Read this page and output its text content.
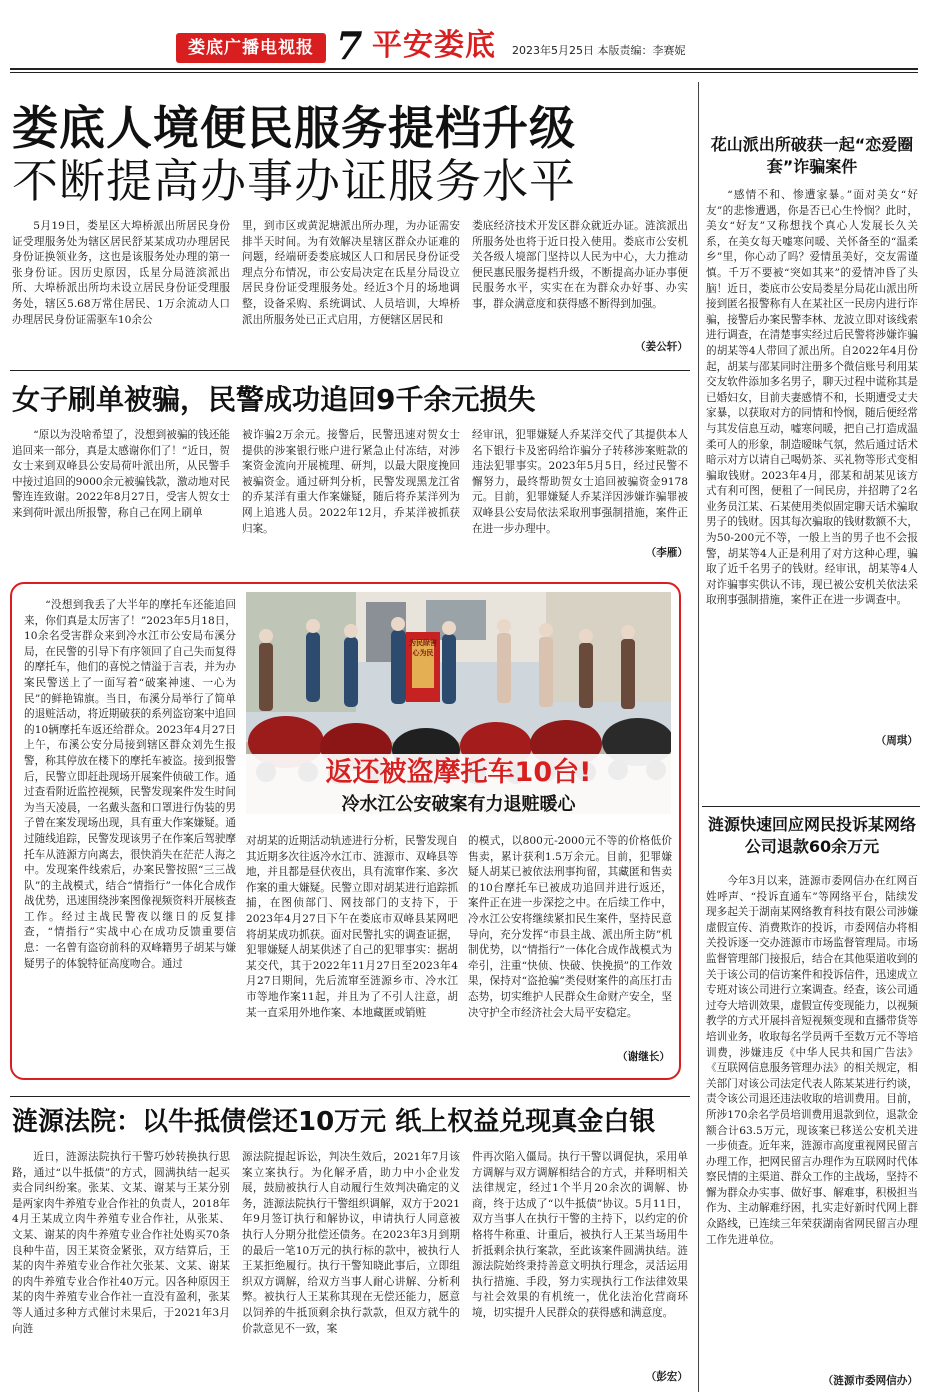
娄底广播电视报 7 平安娄底 2023年5月25日 本版责编：李赛妮
娄底人境便民服务提档升级
不断提高办事办证服务水平

5月19日，娄星区大埠桥派出所居民身份证受理服务处为辖区居民舒某某成功办理居民身份证换领业务，这也是该服务处办理的第一张身份证。因历史原因，氐星分局涟滨派出所、大埠桥派出所均未设立居民身份证受理服务处，辖区5.68万常住居民、1万余流动人口办理居民身份证需驱车10余公

里，到市区或黄泥塘派出所办理，为办证需安排半天时间。为有效解决星辖区群众办证难的问题，经端研委娄底城区人口和居民身份证受理点分布情况，市公安局决定在氐星分局设立居民身份证受理服务处。经近3个月的场地调整，设备采购、系统调试、人员培训，大埠桥派出所服务处已正式启用，方便辖区居民和

娄底经济技术开发区群众就近办证。涟滨派出所服务处也将于近日投入使用。娄底市公安机关各级人境部门坚持以人民为中心，大力推动便民惠民服务提档升级，不断提高办证办事便民服务水平，实实在在为群众办好事、办实事，群众满意度和获得感不断得到加强。

（姜公轩）
女子刷单被骗，民警成功追回9千余元损失

“原以为没啥希望了，没想到被骗的钱还能追回来一部分，真是太感谢你们了！”近日，贺女士来到双峰县公安局荷叶派出所，从民警手中接过追回的9000余元被骗钱款，激动地对民警连连致谢。2022年8月27日，受害人贺女士来到荷叶派出所报警，称自己在网上刷单

被诈骗2万余元。接警后，民警迅速对贺女士提供的涉案银行账户进行紧急止付冻结，对涉案资金流向开展梳理、研判，以最大限度挽回被骗资金。通过研判分析，民警发现黑龙江省的乔某洋有重大作案嫌疑，随后将乔某洋列为网上追逃人员。2022年12月，乔某洋被抓获归案。

经审讯，犯罪嫌疑人乔某洋交代了其提供本人名下银行卡及密码给诈骗分子转移涉案赃款的违法犯罪事实。2023年5月5日，经过民警不懈努力，最终帮助贺女士追回被骗资金9178元。目前，犯罪嫌疑人乔某洋因涉嫌诈骗罪被双峰县公安局依法采取刑事强制措施，案件正在进一步办理中。

（李雁）
为民除害 心为民
返还被盗摩托车10台!
冷水江公安破案有力退赃暖心

“没想到我丢了大半年的摩托车还能追回来，你们真是太厉害了！”2023年5月18日，10余名受害群众来到冷水江市公安局布溪分局，在民警的引导下有序领回了自己失而复得的摩托车，他们的喜悦之情溢于言表，并为办案民警送上了一面写着“破案神速、一心为民”的鲜艳锦旗。当日，布溪分局举行了简单的退赃活动，将近期破获的系列盗窃案中追回的10辆摩托车返还给群众。2023年4月27日上午，布溪公安分局接到辖区群众刘先生报警，称其停放在楼下的摩托车被盗。接到报警后，民警立即赶赴现场开展案件侦破工作。通过查看附近监控视频，民警发现案件发生时间为当天凌晨，一名戴头盔和口罩进行伪装的男子曾在案发现场出现，具有重大作案嫌疑。通过随线追踪，民警发现该男子在作案后驾驶摩托车从涟源方向离去，很快消失在茫茫人海之中。发现案件线索后，办案民警按照“三三战队”的主战模式，结合“情指行”一体化合成作战优势，迅速围绕涉案图像视频资料开展核查工作。经过主战民警夜以继日的反复排查，“情指行”实战中心在成功反馈重要信息：一名曾有盗窃前科的双峰籍男子胡某与嫌疑男子的体貌特征高度吻合。通过

对胡某的近期活动轨迹进行分析，民警发现自其近期多次往返冷水江市、涟源市、双峰县等地，并且都是昼伏夜出，具有流窜作案、多次作案的重大嫌疑。民警立即对胡某进行追踪抓捕，在图侦部门、网技部门的支持下，于2023年4月27日下午在娄底市双峰县某网吧将胡某成功抓获。面对民警扎实的调查证据，犯罪嫌疑人胡某供述了自己的犯罪事实：据胡某交代，其于2022年11月27日至2023年4月27日期间，先后流窜至涟源乡市、冷水江市等地作案11起，并且为了不引人注意，胡某一直采用外地作案、本地藏匿或销赃

的模式，以800元-2000元不等的价格低价售卖，累计获利1.5万余元。目前，犯罪嫌疑人胡某已被依法刑事拘留，其藏匿和售卖的10台摩托车已被成功追回并进行返还，案件正在进一步深挖之中。在后续工作中，冷水江公安将继续紧扣民生案件，坚持民意导向，充分发挥“市县主战、派出所主防”机制优势，以“情指行”一体化合成作战模式为牵引，注重“快侦、快破、快挽损”的工作效果，保持对“盗抢骗”类侵财案件的高压打击态势，切实维护人民群众生命财产安全，坚决守护全市经济社会大局平安稳定。

（谢继长）
涟源法院：以牛抵债偿还10万元 纸上权益兑现真金白银

近日，涟源法院执行干警巧妙转换执行思路，通过“以牛抵债”的方式，圆满执结一起买卖合同纠纷案。张某、文某、谢某与王某分别是两家肉牛养殖专业合作社的负责人，2018年4月王某成立肉牛养殖专业合作社，从张某、文某、谢某的肉牛养殖专业合作社处购买70条良种牛苗，因王某资金紧张，双方结算后，王某的肉牛养殖专业合作社欠张某、文某、谢某的肉牛养殖专业合作社40万元。囚各种原因王某的肉牛养殖专业合作社一直没有盈利，张某等人通过多种方式催讨未果后，于2021年3月向涟

源法院提起诉讼，判决生效后，2021年7月该案立案执行。为化解矛盾，助力中小企业发展，鼓励被执行人自动履行生效判决确定的义务，涟源法院执行干警组织调解，双方于2021年9月签订执行和解协议，申请执行人同意被执行人分期分批偿还债务。在2023年3月到期的最后一笔10万元的执行标的款中，被执行人王某拒绝履行。执行干警知晓此事后，立即组织双方调解，给双方当事人耐心讲解、分析利弊。被执行人王某称其现在无偿还能力，愿意以饲养的牛抵顶剩余执行款款，但双方就牛的价款意见不一致，案

件再次陷入僵局。执行干警以调促执，采用单方调解与双方调解相结合的方式，并释明相关法律规定，经过1个半月20余次的调解、协商，终于达成了“以牛抵债”协议。5月11日，双方当事人在执行干警的主持下，以约定的价格将牛称重、计重后，被执行人王某当场用牛折抵剩余执行案款，至此该案件圆满执结。涟源法院始终秉持善意文明执行理念，灵活运用执行措施、手段，努力实现执行工作法律效果与社会效果的有机统一，优化法治化营商环境，切实提升人民群众的获得感和满意度。

（彭宏）
花山派出所破获一起“恋爱圈套”诈骗案件

“感情不和、惨遭家暴。”面对美女“好友”的悲惨遭遇，你是否已心生怜悯？此时，美女“好友”又称想找个真心人发展长久关系，在美女每天嘘寒问暖、关怀备至的“温柔乡”里，你心动了吗？爱情虽美好，交友需谨慎。千万不要被“突如其来”的爱情冲昏了头脑！近日，娄底市公安局娄星分局花山派出所接到匿名报警称有人在某社区一民房内进行诈骗，接警后办案民警李林、龙波立即对该线索进行调查，在清楚事实经过后民警将涉嫌诈骗的胡某等4人带回了派出所。自2022年4月份起，胡某与邵某同时注册多个微信账号利用某交友软件添加多名男子，聊天过程中谎称其是已婚妇女，目前夫妻感情不和，长期遭受丈夫家暴，以获取对方的同情和怜悯，随后便经常与其发信息互动，嘘寒问暖，把自己打造成温柔可人的形象，制造暧昧气氛，然后通过话术暗示对方以请自己喝奶茶、买礼物等形式变相骗取钱财。2023年4月，邵某和胡某见该方式有利可图，便租了一间民房，并招聘了2名业务员江某、石某使用类似固定聊天话术骗取男子的钱财。因其每次骗取的钱财数额不大，为50-200元不等，一般上当的男子也不会报警，胡某等4人正是利用了对方这种心理，骗取了近千名男子的钱财。经审讯，胡某等4人对诈骗事实供认不讳，现已被公安机关依法采取刑事强制措施，案件正在进一步调查中。

（周琪）
涟源快速回应网民投诉某网络公司退款60余万元

今年3月以来，涟源市委网信办在红网百姓呼声、“投诉直通车”等网络平台，陆续发现多起关于湖南某网络教育科技有限公司涉嫌虚假宣传、消费欺诈的投诉，市委网信办将相关投诉逐一交办涟源市市场监督管理局。市场监督管理部门接报后，结合在其他渠道收到的关于该公司的信访案件和投诉信件，迅速成立专班对该公司进行立案调查。经查，该公司通过夸大培训效果，虚假宣传变现能力，以视频教学的方式开展抖音短视频变现和直播带货等培训业务，收取每名学员两千至数万元不等培训费，涉嫌违反《中华人民共和国广告法》《互联网信息服务管理办法》的相关规定，相关部门对该公司法定代表人陈某某进行约谈，责令该公司退还违法收取的培训费用。目前，所涉170余名学员培训费用退款到位，退款金额合计63.5万元，现该案已移送公安机关进一步侦查。近年来，涟源市高度重视网民留言办理工作，把网民留言办理作为互联网时代体察民情的主渠道、群众工作的主战场，坚持不懈为群众办实事、做好事、解难事，积极担当作为、主动解难纾困，扎实走好新时代网上群众路线，已连续三年荣获湖南省网民留言办理工作先进单位。

（涟源市委网信办）
